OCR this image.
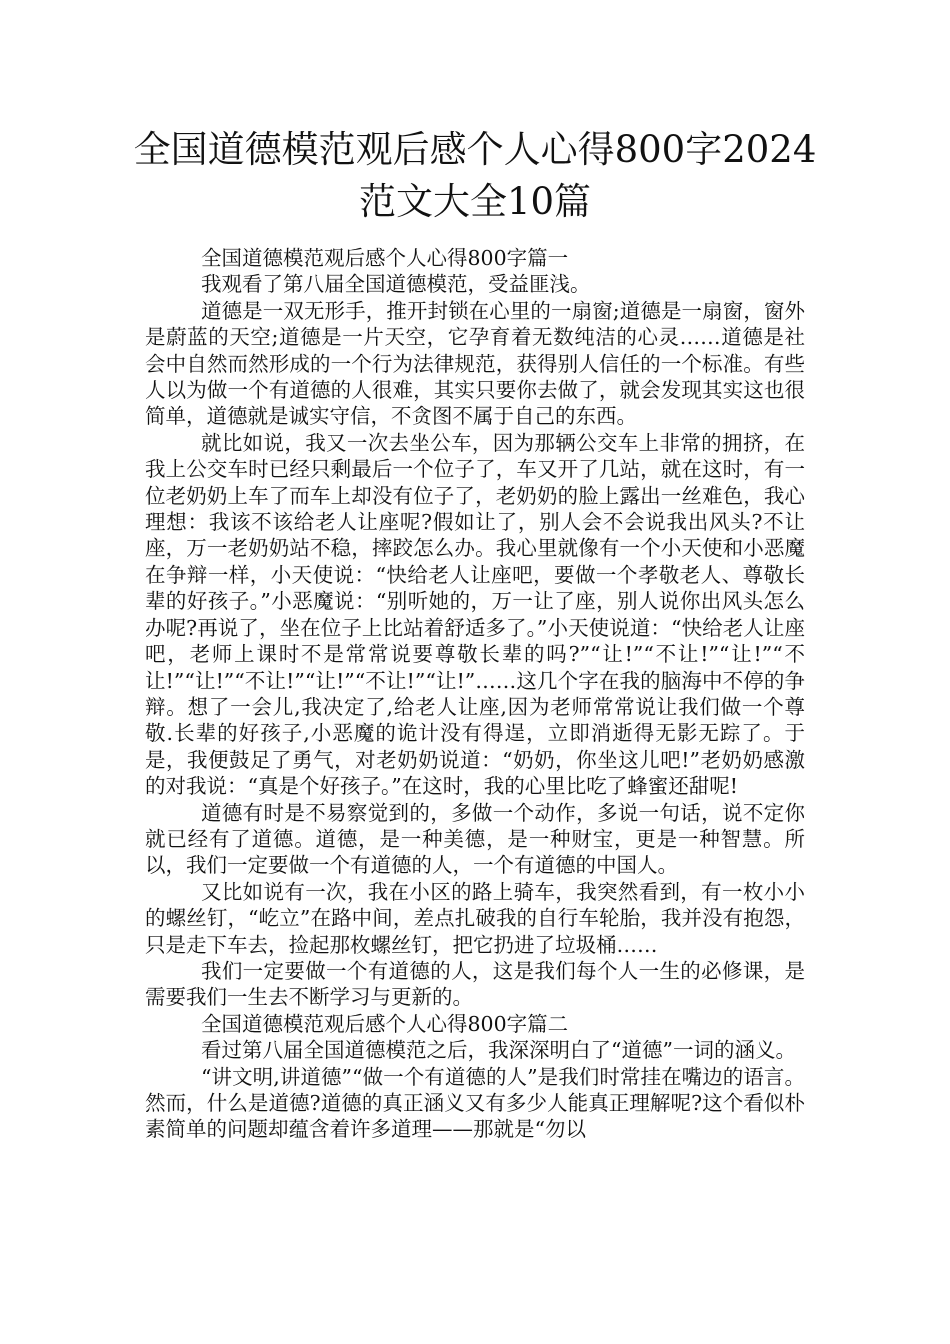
全国道德模范观后感个人心得800字2024
范文大全10篇

全国道德模范观后感个人心得800字篇一

我观看了第八届全国道德模范，受益匪浅。

道德是一双无形手，推开封锁在心里的一扇窗;道德是一扇窗，窗外是蔚蓝的天空;道德是一片天空，它孕育着无数纯洁的心灵……道德是社会中自然而然形成的一个行为法律规范，获得别人信任的一个标准。有些人以为做一个有道德的人很难，其实只要你去做了，就会发现其实这也很简单，道德就是诚实守信，不贪图不属于自己的东西。

就比如说，我又一次去坐公车，因为那辆公交车上非常的拥挤，在我上公交车时已经只剩最后一个位子了，车又开了几站，就在这时，有一位老奶奶上车了而车上却没有位子了，老奶奶的脸上露出一丝难色，我心理想：我该不该给老人让座呢?假如让了，别人会不会说我出风头?不让座，万一老奶奶站不稳，摔跤怎么办。我心里就像有一个小天使和小恶魔在争辩一样，小天使说：“快给老人让座吧，要做一个孝敬老人、尊敬长辈的好孩子。”小恶魔说：“别听她的，万一让了座，别人说你出风头怎么办呢?再说了，坐在位子上比站着舒适多了。”小天使说道：“快给老人让座吧，老师上课时不是常常说要尊敬长辈的吗?”“让!”“不让!”“让!”“不让!”“让!”“不让!”“让!”“不让!”“让!”……这几个字在我的脑海中不停的争辩。想了一会儿,我决定了,给老人让座,因为老师常常说让我们做一个尊敬.长辈的好孩子,小恶魔的诡计没有得逞，立即消逝得无影无踪了。于是，我便鼓足了勇气，对老奶奶说道：“奶奶，你坐这儿吧!”老奶奶感激的对我说：“真是个好孩子。”在这时，我的心里比吃了蜂蜜还甜呢!

道德有时是不易察觉到的，多做一个动作，多说一句话，说不定你就已经有了道德。道德，是一种美德，是一种财宝，更是一种智慧。所以，我们一定要做一个有道德的人，一个有道德的中国人。

又比如说有一次，我在小区的路上骑车，我突然看到，有一枚小小的螺丝钉，“屹立”在路中间，差点扎破我的自行车轮胎，我并没有抱怨，只是走下车去，捡起那枚螺丝钉，把它扔进了垃圾桶……

我们一定要做一个有道德的人，这是我们每个人一生的必修课，是需要我们一生去不断学习与更新的。

全国道德模范观后感个人心得800字篇二

看过第八届全国道德模范之后，我深深明白了“道德”一词的涵义。

“讲文明,讲道德”“做一个有道德的人”是我们时常挂在嘴边的语言。然而，什么是道德?道德的真正涵义又有多少人能真正理解呢?这个看似朴素简单的问题却蕴含着许多道理——那就是“勿以
